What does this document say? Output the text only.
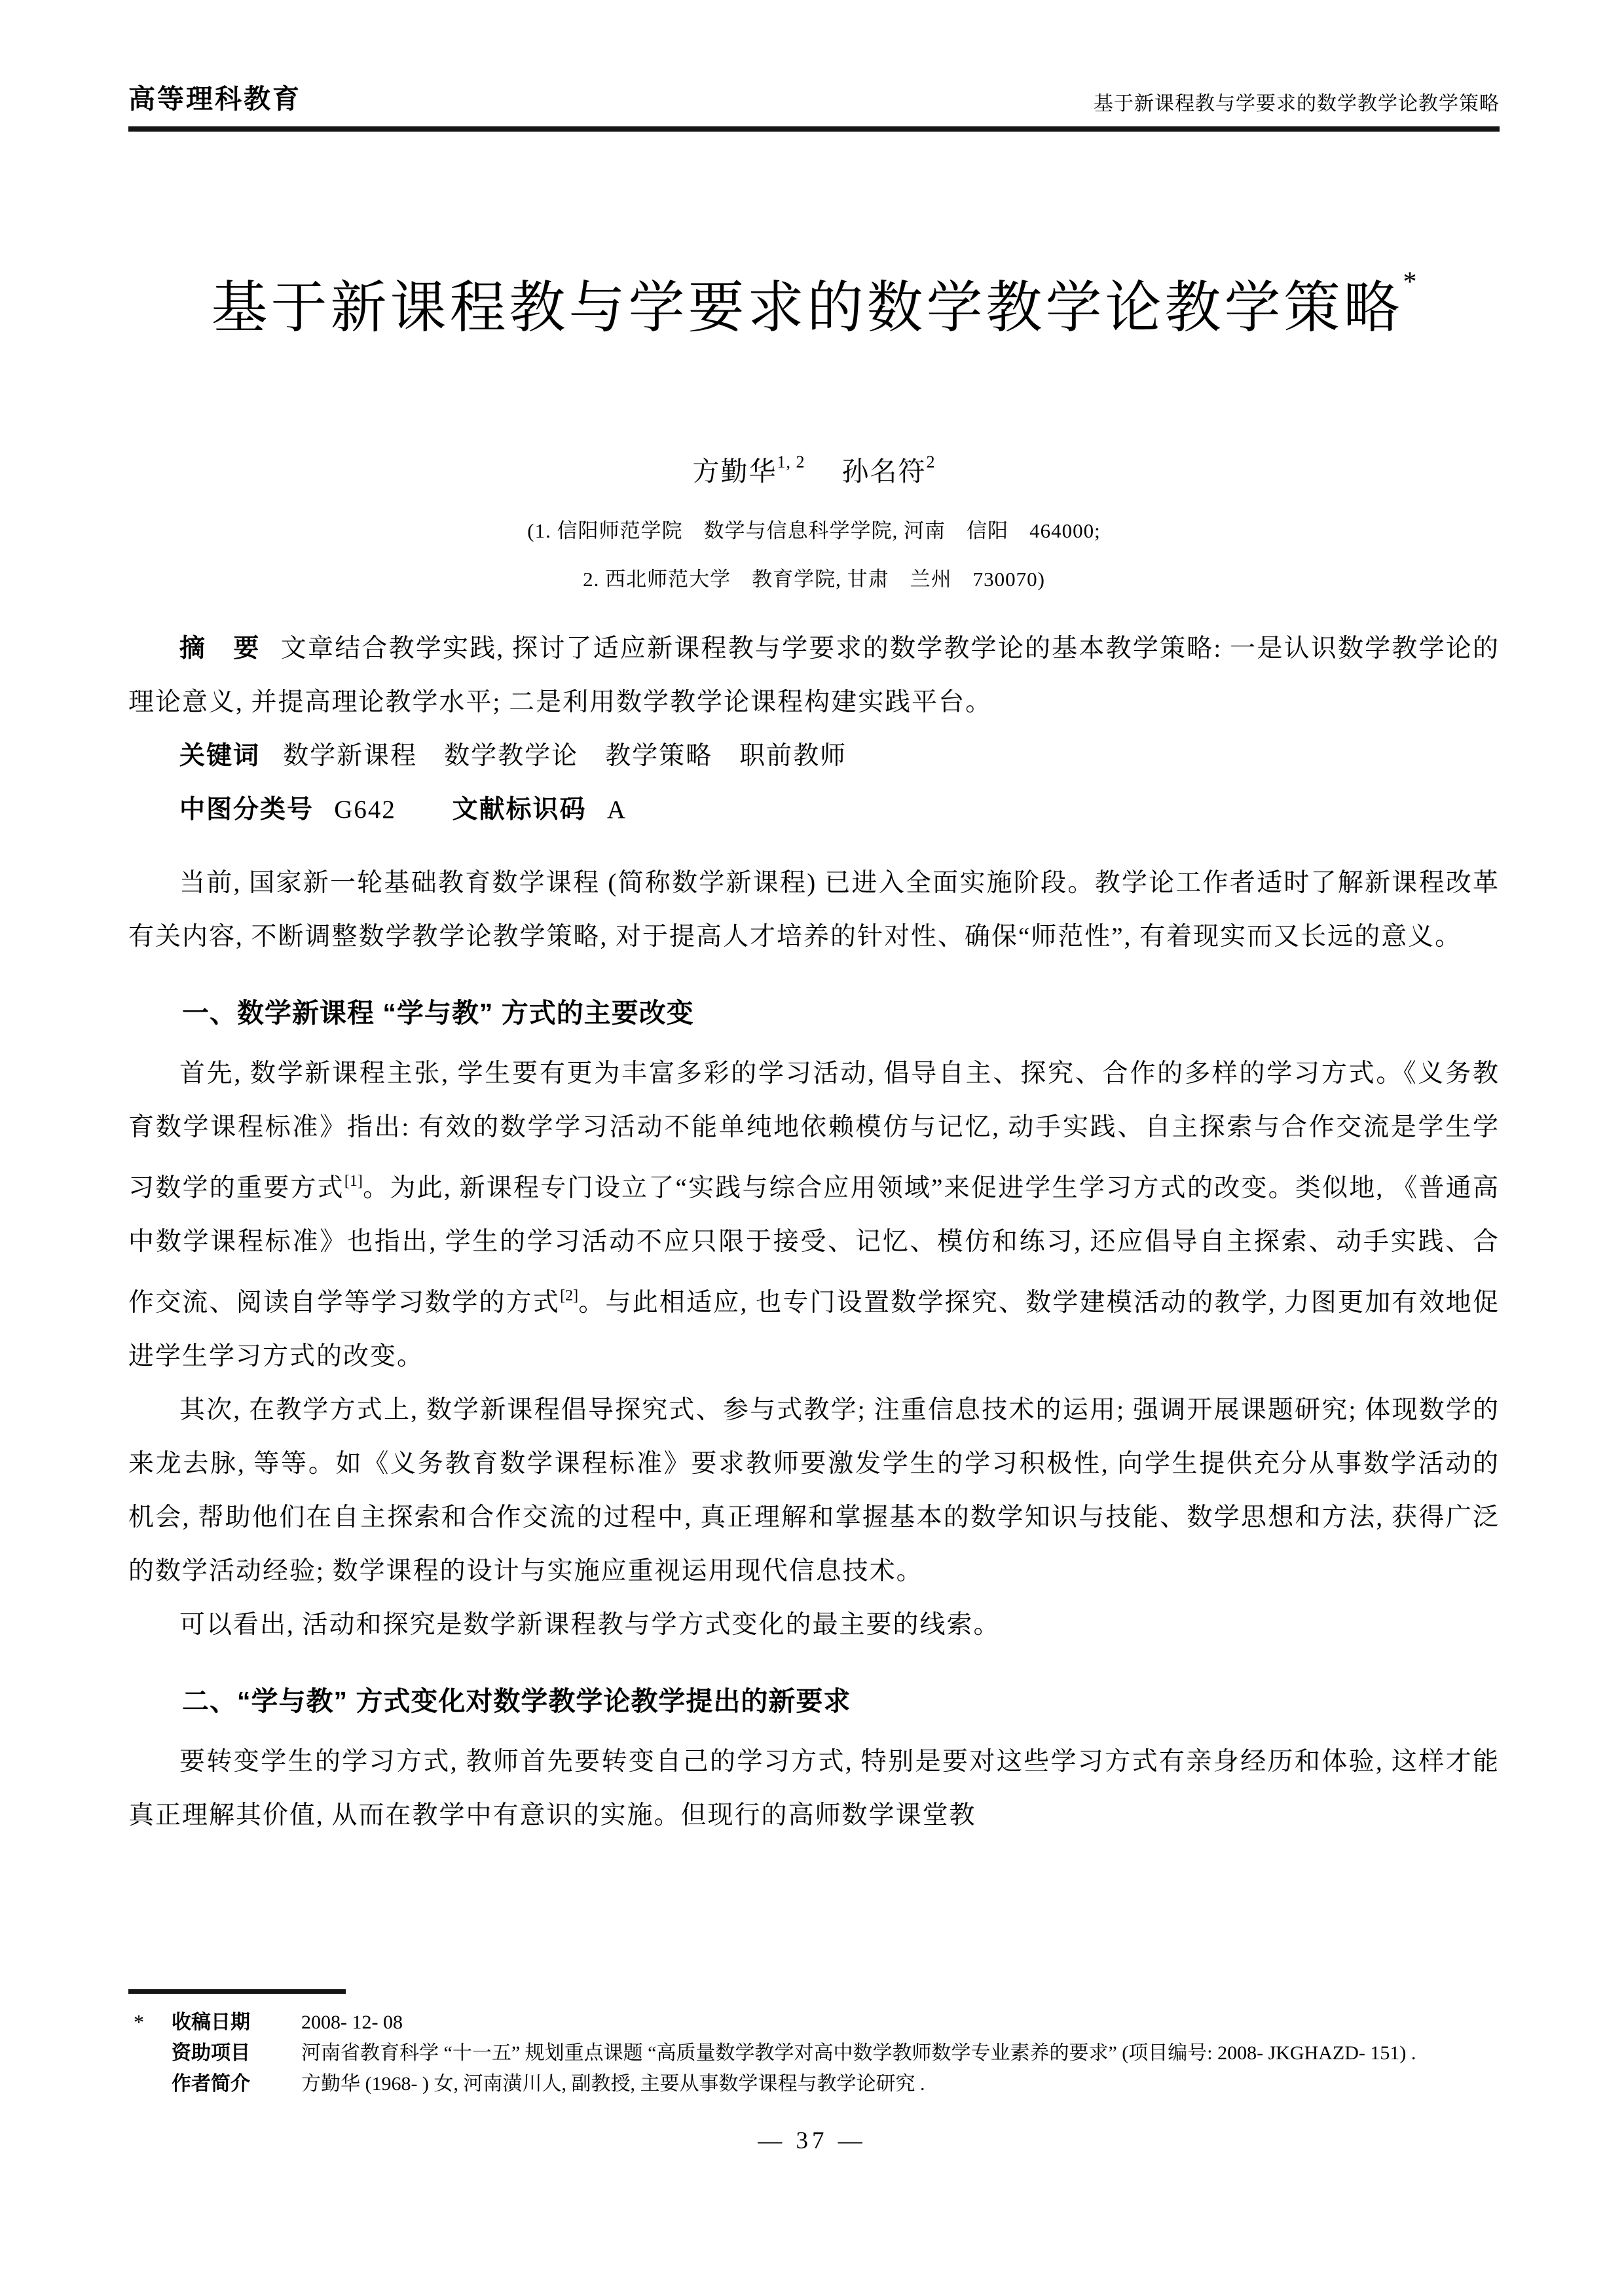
高等理科教育	基于新课程教与学要求的数学教学论教学策略
基于新课程教与学要求的数学教学论教学策略*
方勤华$^{1, 2}$ 孙名符$^2$
(1. 信阳师范学院　数学与信息科学学院, 河南　信阳　464000;
2. 西北师范大学　教育学院, 甘肃　兰州　730070)

摘　要 文章结合教学实践, 探讨了适应新课程教与学要求的数学教学论的基本教学策略: 一是认识数学教学论的理论意义, 并提高理论教学水平; 二是利用数学教学论课程构建实践平台。

关键词 数学新课程　数学教学论　教学策略　职前教师

中图分类号 G642 文献标识码 A

当前, 国家新一轮基础教育数学课程 (简称数学新课程) 已进入全面实施阶段。教学论工作者适时了解新课程改革有关内容, 不断调整数学教学论教学策略, 对于提高人才培养的针对性、确保“师范性”, 有着现实而又长远的意义。

一、数学新课程 “学与教” 方式的主要改变

首先, 数学新课程主张, 学生要有更为丰富多彩的学习活动, 倡导自主、探究、合作的多样的学习方式。《义务教育数学课程标准》指出: 有效的数学学习活动不能单纯地依赖模仿与记忆, 动手实践、自主探索与合作交流是学生学习数学的重要方式[1]。为此, 新课程专门设立了“实践与综合应用领域”来促进学生学习方式的改变。类似地, 《普通高中数学课程标准》也指出, 学生的学习活动不应只限于接受、记忆、模仿和练习, 还应倡导自主探索、动手实践、合作交流、阅读自学等学习数学的方式[2]。与此相适应, 也专门设置数学探究、数学建模活动的教学, 力图更加有效地促进学生学习方式的改变。

其次, 在教学方式上, 数学新课程倡导探究式、参与式教学; 注重信息技术的运用; 强调开展课题研究; 体现数学的来龙去脉, 等等。如《义务教育数学课程标准》要求教师要激发学生的学习积极性, 向学生提供充分从事数学活动的机会, 帮助他们在自主探索和合作交流的过程中, 真正理解和掌握基本的数学知识与技能、数学思想和方法, 获得广泛的数学活动经验; 数学课程的设计与实施应重视运用现代信息技术。

可以看出, 活动和探究是数学新课程教与学方式变化的最主要的线索。

二、“学与教” 方式变化对数学教学论教学提出的新要求

要转变学生的学习方式, 教师首先要转变自己的学习方式, 特别是要对这些学习方式有亲身经历和体验, 这样才能真正理解其价值, 从而在教学中有意识的实施。但现行的高师数学课堂教

*	收稿日期	2008- 12- 08
资助项目	河南省教育科学 “十一五” 规划重点课题 “高质量数学教学对高中数学教师数学专业素养的要求” (项目编号: 2008- JKGHAZD- 151) .
作者简介	方勤华 (1968- ) 女, 河南潢川人, 副教授, 主要从事数学课程与教学论研究 .
— 37 —
